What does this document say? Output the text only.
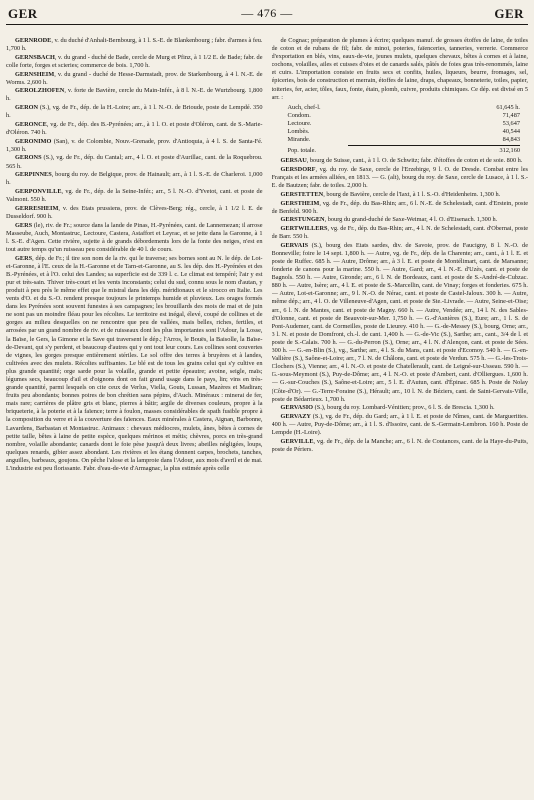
GER	— 476 —	GER

GERNRODE, v. du duché d'Anhalt-Bernbourg, à 1 l. S.-E. de Blankenbourg ; fabr. d'armes à feu. 1,700 h.

GERNSBACH, v. du grand - duché de Bade, cercle de Murg et Pfinz, à 1 1/2 E. de Bade; fabr. de colle forte, forges et scieries; commerce de bois. 1,700 h.

GERNSHEIM, v. du grand - duché de Hesse-Darmstadt, prov. de Starkenbourg, à 4 l. N.-E. de Worms. 2,600 h.

GEROLZHOFEN, v. forte de Bavière, cercle du Main-Infér., à 8 l. N.-E. de Wurtzbourg. 1,800 h.

GERON (S.), vg. de Fr., dép. de la H.-Loire; arr., à 1 l. N.-O. de Brioude, poste de Lempdé. 350 h.

GERONCE, vg. de Fr., dép. des B.-Pyrénées; arr., à 1 l. O. et poste d'Oléron, cant. de S.-Marie-d'Oléron. 740 h.

GERONIMO (San), v. de Colombie, Nouv.-Grenade, prov. d'Antioquia, à 4 l. S. de Santa-Fé. 1,300 h.

GERONS (S.), vg. de Fr., dép. du Cantal; arr., 4 l. O. et poste d'Aurillac, cant. de la Roquebrou. 565 h.

GERPINNES, bourg du roy. de Belgique, prov. de Hainault; arr., à 1 l. S.-E. de Charleroi. 1,000 h.

GERPONVILLE, vg. de Fr., dép. de la Seine-Infér.; arr., 5 l. N.-O. d'Yvetot, cant. et poste de Valmont. 550 h.

GERRESHEIM, v. des Etats prussiens, prov. de Clèves-Berg; rég., cercle, à 1 1/2 l. E. de Dusseldorf. 900 h.

GERS (le), riv. de Fr.; source dans la lande de Pinas, H.-Pyrénées, cant. de Lannemezan; il arrose Masseube, Auch, Montastruc, Lectoure, Castera, Astaffort et Leyrac, et se jette dans la Garonne, à 1 l. S.-E. d'Agen. Cette rivière, sujette à de grands débordements lors de la fonte des neiges, n'est en tout autre temps qu'un ruisseau peu considérable de 40 l. de cours.

GERS, dép. de Fr.; il tire son nom de la riv. qui le traverse; ses bornes sont au N. le dép. de Lot-et-Garonne, à l'E. ceux de la H.-Garonne et de Tarn-et-Garonne, au S. les dép. des H.-Pyrénées et des B.-Pyrénées, et à l'O. celui des Landes; sa superficie est de 339 l. c. Le climat est tempéré; l'air y est pur et très-sain. Thiver très-court et les vents inconstants; celui du sud, connu sous le nom d'autan, y produit à peu près le même effet que le mistral dans les dép. méridionaux et le sirocco en Italie. Les vents d'O. et du S.-O. rendent presque toujours le printemps humide et pluvieux. Les orages formés dans les Pyrénées sont souvent funestes à ses campagnes; les brouillards des mois de mai et de juin ne sont pas un moindre fléau pour les récoltes. Le territoire est inégal, élevé, coupé de collines et de gorges au milieu desquelles on ne rencontre que peu de vallées, mais belles, riches, fertiles, et arrosées par un grand nombre de riv. et de ruisseaux dont les plus importantes sont l'Adour, la Losse, la Baïse, le Gers, la Gimone et la Save qui traversent le dép.; l'Arros, le Bouës, la Baisolle, la Baïse-de-Devant, qui s'y perdent, et beaucoup d'autres qui y ont tout leur cours. Les collines sont couvertes de vignes, les gorges presque entièrement stériles. Le sol offre des terres à bruyères et à landes, cultivées avec des mulets. Récoltes suffisantes. Le blé est de tous les grains celui qui s'y cultive en plus grande quantité; orge sarde pour la volaille, grande et petite épeautre; avoine, seigle, maïs; légumes secs, beaucoup d'ail et d'oignons dont on fait grand usage dans le pays, lin; vins en très-grande quantité, parmi lesquels on cite ceux de Verlus, Viella, Gouts, Lussan, Mazères et Madiran; fruits peu abondants; bonnes poires de bon chrétien sans pépins, d'Auch. Minéraux : minerai de fer, mais rare; carrières de plâtre gris et blanc, pierres à bâtir; argile de diverses couleurs, propre à la briqueterie, à la poterie et à la faïence; terre à foulon, masses considérables de spath fusible propre à la composition du verre et à la couverture des faïences. Eaux minérales à Castera, Aignan, Barbonne, Lavardens, Barbastan et Montastruc. Animaux : chevaux médiocres, mulets, ânes, bêtes à cornes de petite taille, bêtes à laine de petite espèce, quelques mérinos et métis; chèvres, porcs en très-grand nombre, volaille abondante; canards dont le foie pèse jusqu'à deux livres; abeilles négligées, loups, quelques renards, gibier assez abondant. Les rivières et les étang donnent carpes, brochets, tanches, anguilles, barbeaux, goujons. On pêche l'alose et la lamproie dans l'Adour, aux mois d'avril et de mai. L'industrie est peu florissante. Fabr. d'eau-de-vie d'Armagnac, la plus estimée après celle

de Cognac; préparation de plumes à écrire; quelques manuf. de grosses étoffes de laine, de toiles de coton et de rubans de fil; fabr. de minoi, poteries, faïenceries, tanneries, verrerie. Commerce d'exportation en blés, vins, eaux-de-vie, jeunes mulets, quelques chevaux, bêtes à cornes et à laine, cochons, volailles, ailes et cuisses d'oies et de canards salés, pâtés de foies gras très-renommés, laine et cuirs. L'importation consiste en fruits secs et confits, huiles, liqueurs, beurre, fromages, sel, épiceries, bois de construction et merrain, étoffes de laine, draps, chapeaux, bonneterie, toiles, papier, toiteries, fer, acier, tôles, faux, fonte, étain, plomb, cuivre, produits chimiques. Ce dép. est divisé en 5 arr. :

Auch, chef-l.	61,645 h.
Condom.	71,487
Lectoure.	53,647
Lombès.	40,544
Mirande.	84,843
Pop. totale.	312,160

GERSAU, bourg de Suisse, cant., à 1 l. O. de Schwitz; fabr. d'étoffes de coton et de soie. 800 h.

GERSDORF, vg. du roy. de Saxe, cercle de l'Erzebirge, 9 l. O. de Dresde. Combat entre les Français et les armées alliées, en 1813. — G. (alt), bourg du roy. de Saxe, cercle de Lusace, à 1 l. S.-E. de Bautzen; fabr. de toiles. 2,000 h.

GERSTETTEN, bourg de Bavière, cercle de l'Iaxt, à 1 l. S.-O. d'Heidenheim. 1,300 h.

GERSTHEIM, vg. de Fr., dép. du Bas-Rhin; arr., 6 l. N.-E. de Schelestadt, cant. d'Erstein, poste de Benfeld. 900 h.

GERSTUNGEN, bourg du grand-duché de Saxe-Weimar, 4 l. O. d'Eisenach. 1,300 h.

GERTWILLERS, vg. de Fr., dép. du Bas-Rhin; arr., 4 l. N. de Schelestadt, cant. d'Obernai, poste de Barr. 550 h.

GERVAIS (S.), bourg des Etats sardes, div. de Savoie, prov. de Faucigny, 8 l. N.-O. de Bonneville; foire le 14 sept. 1,800 h. — Autre, vg. de Fr., dép. de la Charente; arr., cant., à 1 l. E. et poste de Ruffec. 685 h. — Autre, Drôme; arr., à 3 l. E. et poste de Montélimart, cant. de Marsanne; fonderie de canons pour la marine. 550 h. — Autre, Gard; arr., 4 l. N.-E. d'Uzès, cant. et poste de Bagnols. 550 h. — Autre, Gironde; arr., 6 l. N. de Bordeaux, cant. et poste de S.-André-de-Cubzac. 880 h. — Autre, Isère; arr., 4 l. E. et poste de S.-Marcellin, cant. de Vinay; forges et fonderies. 675 h. — Autre, Lot-et-Garonne; arr., 9 l. N.-O. de Nérac, cant. et poste de Castel-Jaloux. 300 h. — Autre, même dép.; arr., 4 l. O. de Villeneuve-d'Agen, cant. et poste de Ste.-Livrade. — Autre, Seine-et-Oise; arr., 6 l. N. de Mantes, cant. et poste de Magny. 660 h. — Autre, Vendée; arr., 14 l. N. des Sables-d'Olonne, cant. et poste de Beauvoir-sur-Mer. 1,750 h. — G.-d'Asnières (S.), Eure; arr., 1 l. S. de Pont-Audemer, cant. de Cormeilles, poste de Lieurey. 410 h. — G.-de-Messey (S.), bourg, Orne; arr., 3 l. N. et poste de Domfront, ch.-l. de cant. 1,400 h. — G.-de-Vic (S.), Sarthe; arr., cant., 3/4 de l. et poste de S.-Calais. 700 h. — G.-du-Perron (S.), Orne; arr., 4 l. N. d'Alençon, cant. et poste de Sées. 300 h. — G.-en-Blin (S.), vg., Sarthe; arr., 4 l. S. du Mans, cant. et poste d'Ecomoy. 540 h. — G.-en-Vallière (S.), Saône-et-Loire; arr., 7 l. N. de Châlons, cant. et poste de Verdun. 575 h. — G.-les-Trois-Clochers (S.), Vienne; arr., 4 l. N.-O. et poste de Chatellerault, cant. de Leigné-sur-Usseau. 590 h. — G.-sous-Meymont (S.), Puy-de-Dôme; arr., 4 l. N.-O. et poste d'Ambert, cant. d'Olliergues. 1,600 h. — G.-sur-Couches (S.), Saône-et-Loire; arr., 5 l. E. d'Autun, cant. d'Épinac. 685 h. Poste de Nolay (Côte-d'Or). — G.-Terre-Foraine (S.), Hérault; arr., 10 l. N. de Béziers, cant. de Saint-Gervais-Ville, poste de Bédarrieux. 1,700 h.

GERVASIO (S.), bourg du roy. Lombard-Vénitien; prov., 6 l. S. de Brescia. 1,300 h.

GERVAZY (S.), vg. de Fr., dép. du Gard; arr., à 1 l. E. et poste de Nîmes, cant. de Marguerittes. 400 h. — Autre, Puy-de-Dôme; arr., à 1 l. S. d'Issoire, cant. de S.-Germain-Lembron. 160 h. Poste de Lempde (H.-Loire).

GERVILLE, vg. de Fr., dép. de la Manche; arr., 6 l. N. de Coutances, cant. de la Haye-du-Puits, poste de Périers.
